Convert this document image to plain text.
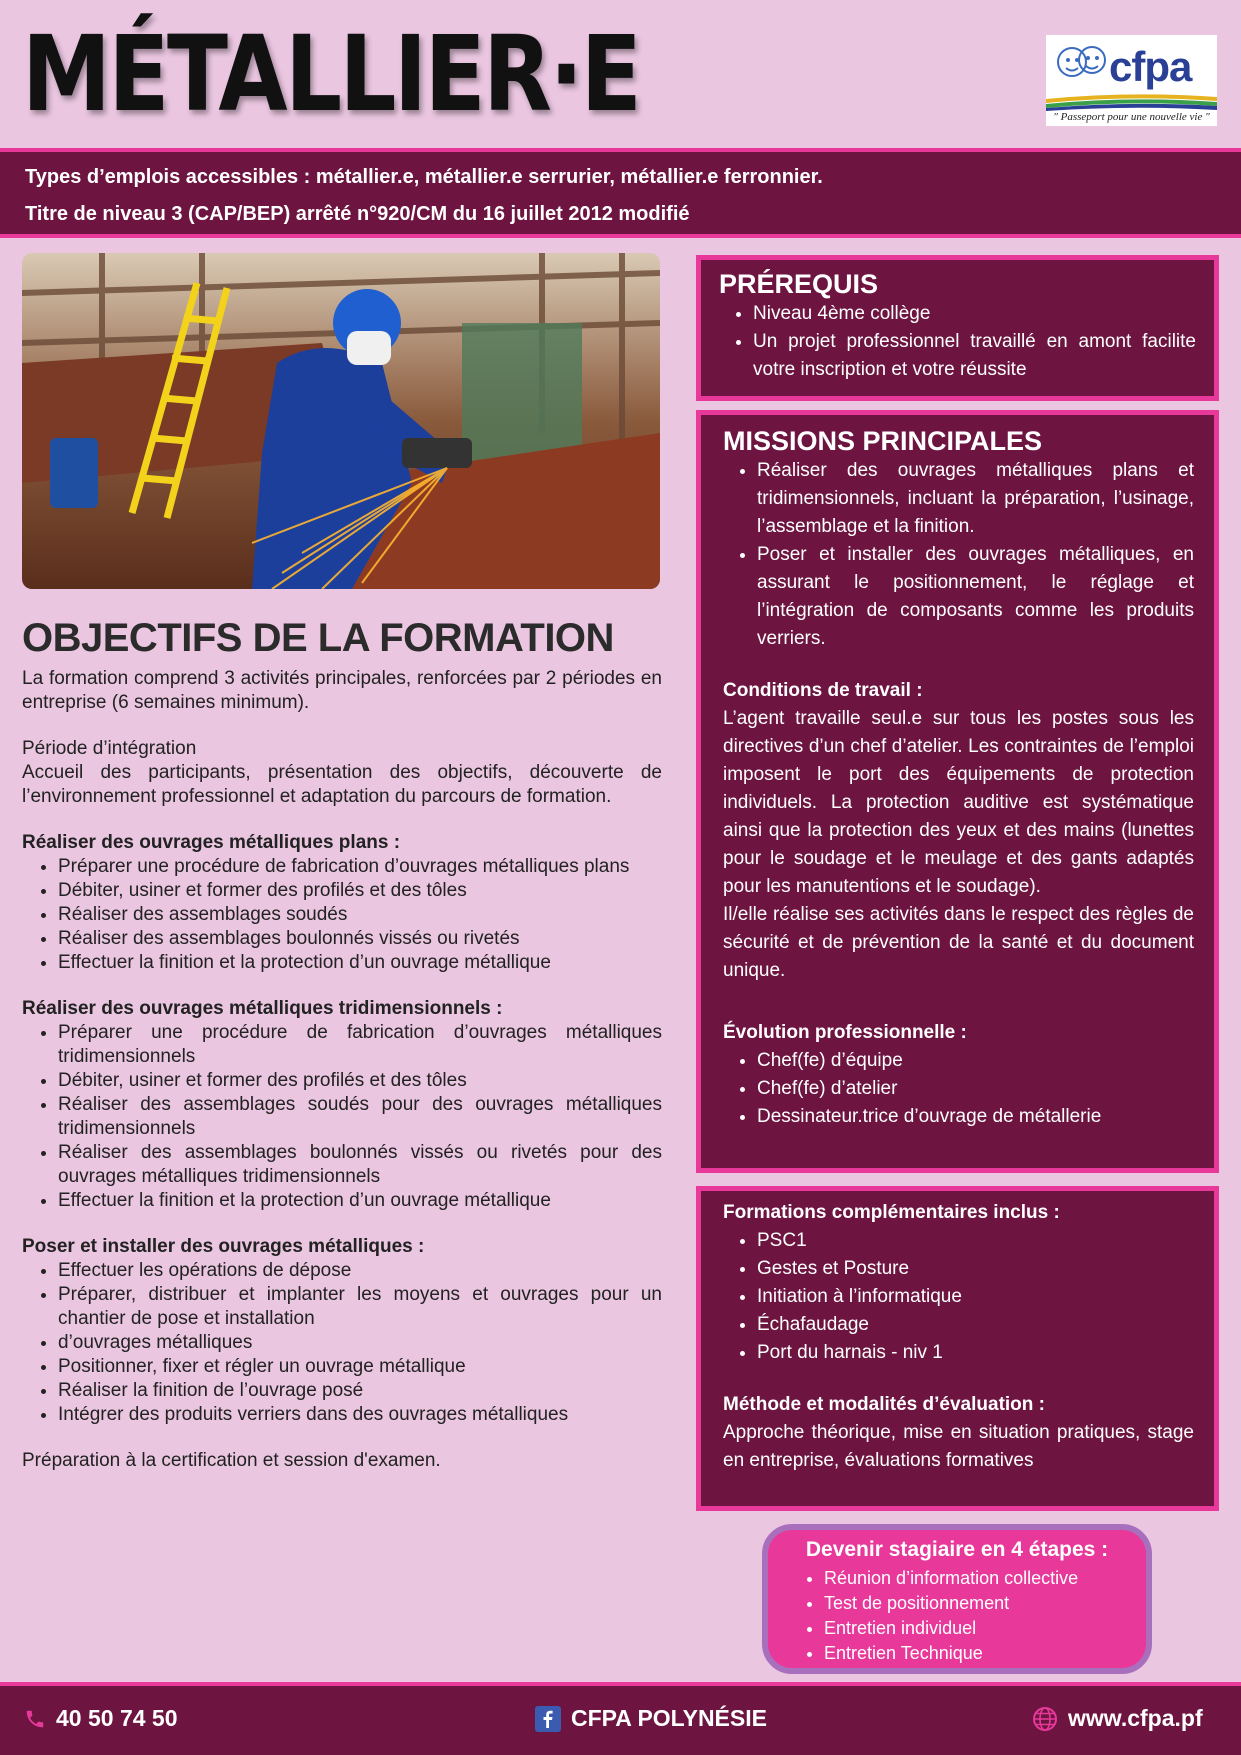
MÉTALLIER·E	cfpa
" Passeport pour une nouvelle vie "
Types d’emplois accessibles : métallier.e, métallier.e serrurier, métallier.e ferronnier.
Titre de niveau 3 (CAP/BEP) arrêté n°920/CM du 16 juillet 2012 modifié
OBJECTIFS DE LA FORMATION

La formation comprend 3 activités principales, renforcées par 2 périodes en entreprise (6 semaines minimum).

Période d’intégration

Accueil des participants, présentation des objectifs, découverte de l’environnement professionnel et adaptation du parcours de formation.

Réaliser des ouvrages métalliques plans :

• Préparer une procédure de fabrication d’ouvrages métalliques plans
• Débiter, usiner et former des profilés et des tôles
• Réaliser des assemblages soudés
• Réaliser des assemblages boulonnés vissés ou rivetés
• Effectuer la finition et la protection d’un ouvrage métallique

Réaliser des ouvrages métalliques tridimensionnels :

• Préparer une procédure de fabrication d’ouvrages métalliques tridimensionnels
• Débiter, usiner et former des profilés et des tôles
• Réaliser des assemblages soudés pour des ouvrages métalliques tridimensionnels
• Réaliser des assemblages boulonnés vissés ou rivetés pour des ouvrages métalliques tridimensionnels
• Effectuer la finition et la protection d’un ouvrage métallique

Poser et installer des ouvrages métalliques :

• Effectuer les opérations de dépose
• Préparer, distribuer et implanter les moyens et ouvrages pour un chantier de pose et installation
• d’ouvrages métalliques
• Positionner, fixer et régler un ouvrage métallique
• Réaliser la finition de l’ouvrage posé
• Intégrer des produits verriers dans des ouvrages métalliques

Préparation à la certification et session d'examen.

PRÉREQUIS
• Niveau 4ème collège
• Un projet professionnel travaillé en amont facilite votre inscription et votre réussite
MISSIONS PRINCIPALES
• Réaliser des ouvrages métalliques plans et tridimensionnels, incluant la préparation, l’usinage, l’assemblage et la finition.
• Poser et installer des ouvrages métalliques, en assurant le positionnement, le réglage et l’intégration de composants comme les produits verriers.

Conditions de travail :

L’agent travaille seul.e sur tous les postes sous les directives d’un chef d’atelier. Les contraintes de l’emploi imposent le port des équipements de protection individuels. La protection auditive est systématique ainsi que la protection des yeux et des mains (lunettes pour le soudage et le meulage et des gants adaptés pour les manutentions et le soudage).

Il/elle réalise ses activités dans le respect des règles de sécurité et de prévention de la santé et du document unique.

Évolution professionnelle :

• Chef(fe) d’équipe
• Chef(fe) d’atelier
• Dessinateur.trice d’ouvrage de métallerie

Formations complémentaires inclus :

• PSC1
• Gestes et Posture
• Initiation à l’informatique
• Échafaudage
• Port du harnais - niv 1

Méthode et modalités d’évaluation :

Approche théorique, mise en situation pratiques, stage en entreprise, évaluations formatives

Devenir stagiaire en 4 étapes :
• Réunion d’information collective
• Test de positionnement
• Entretien individuel
• Entretien Technique
40 50 74 50	CFPA POLYNÉSIE	www.cfpa.pf
